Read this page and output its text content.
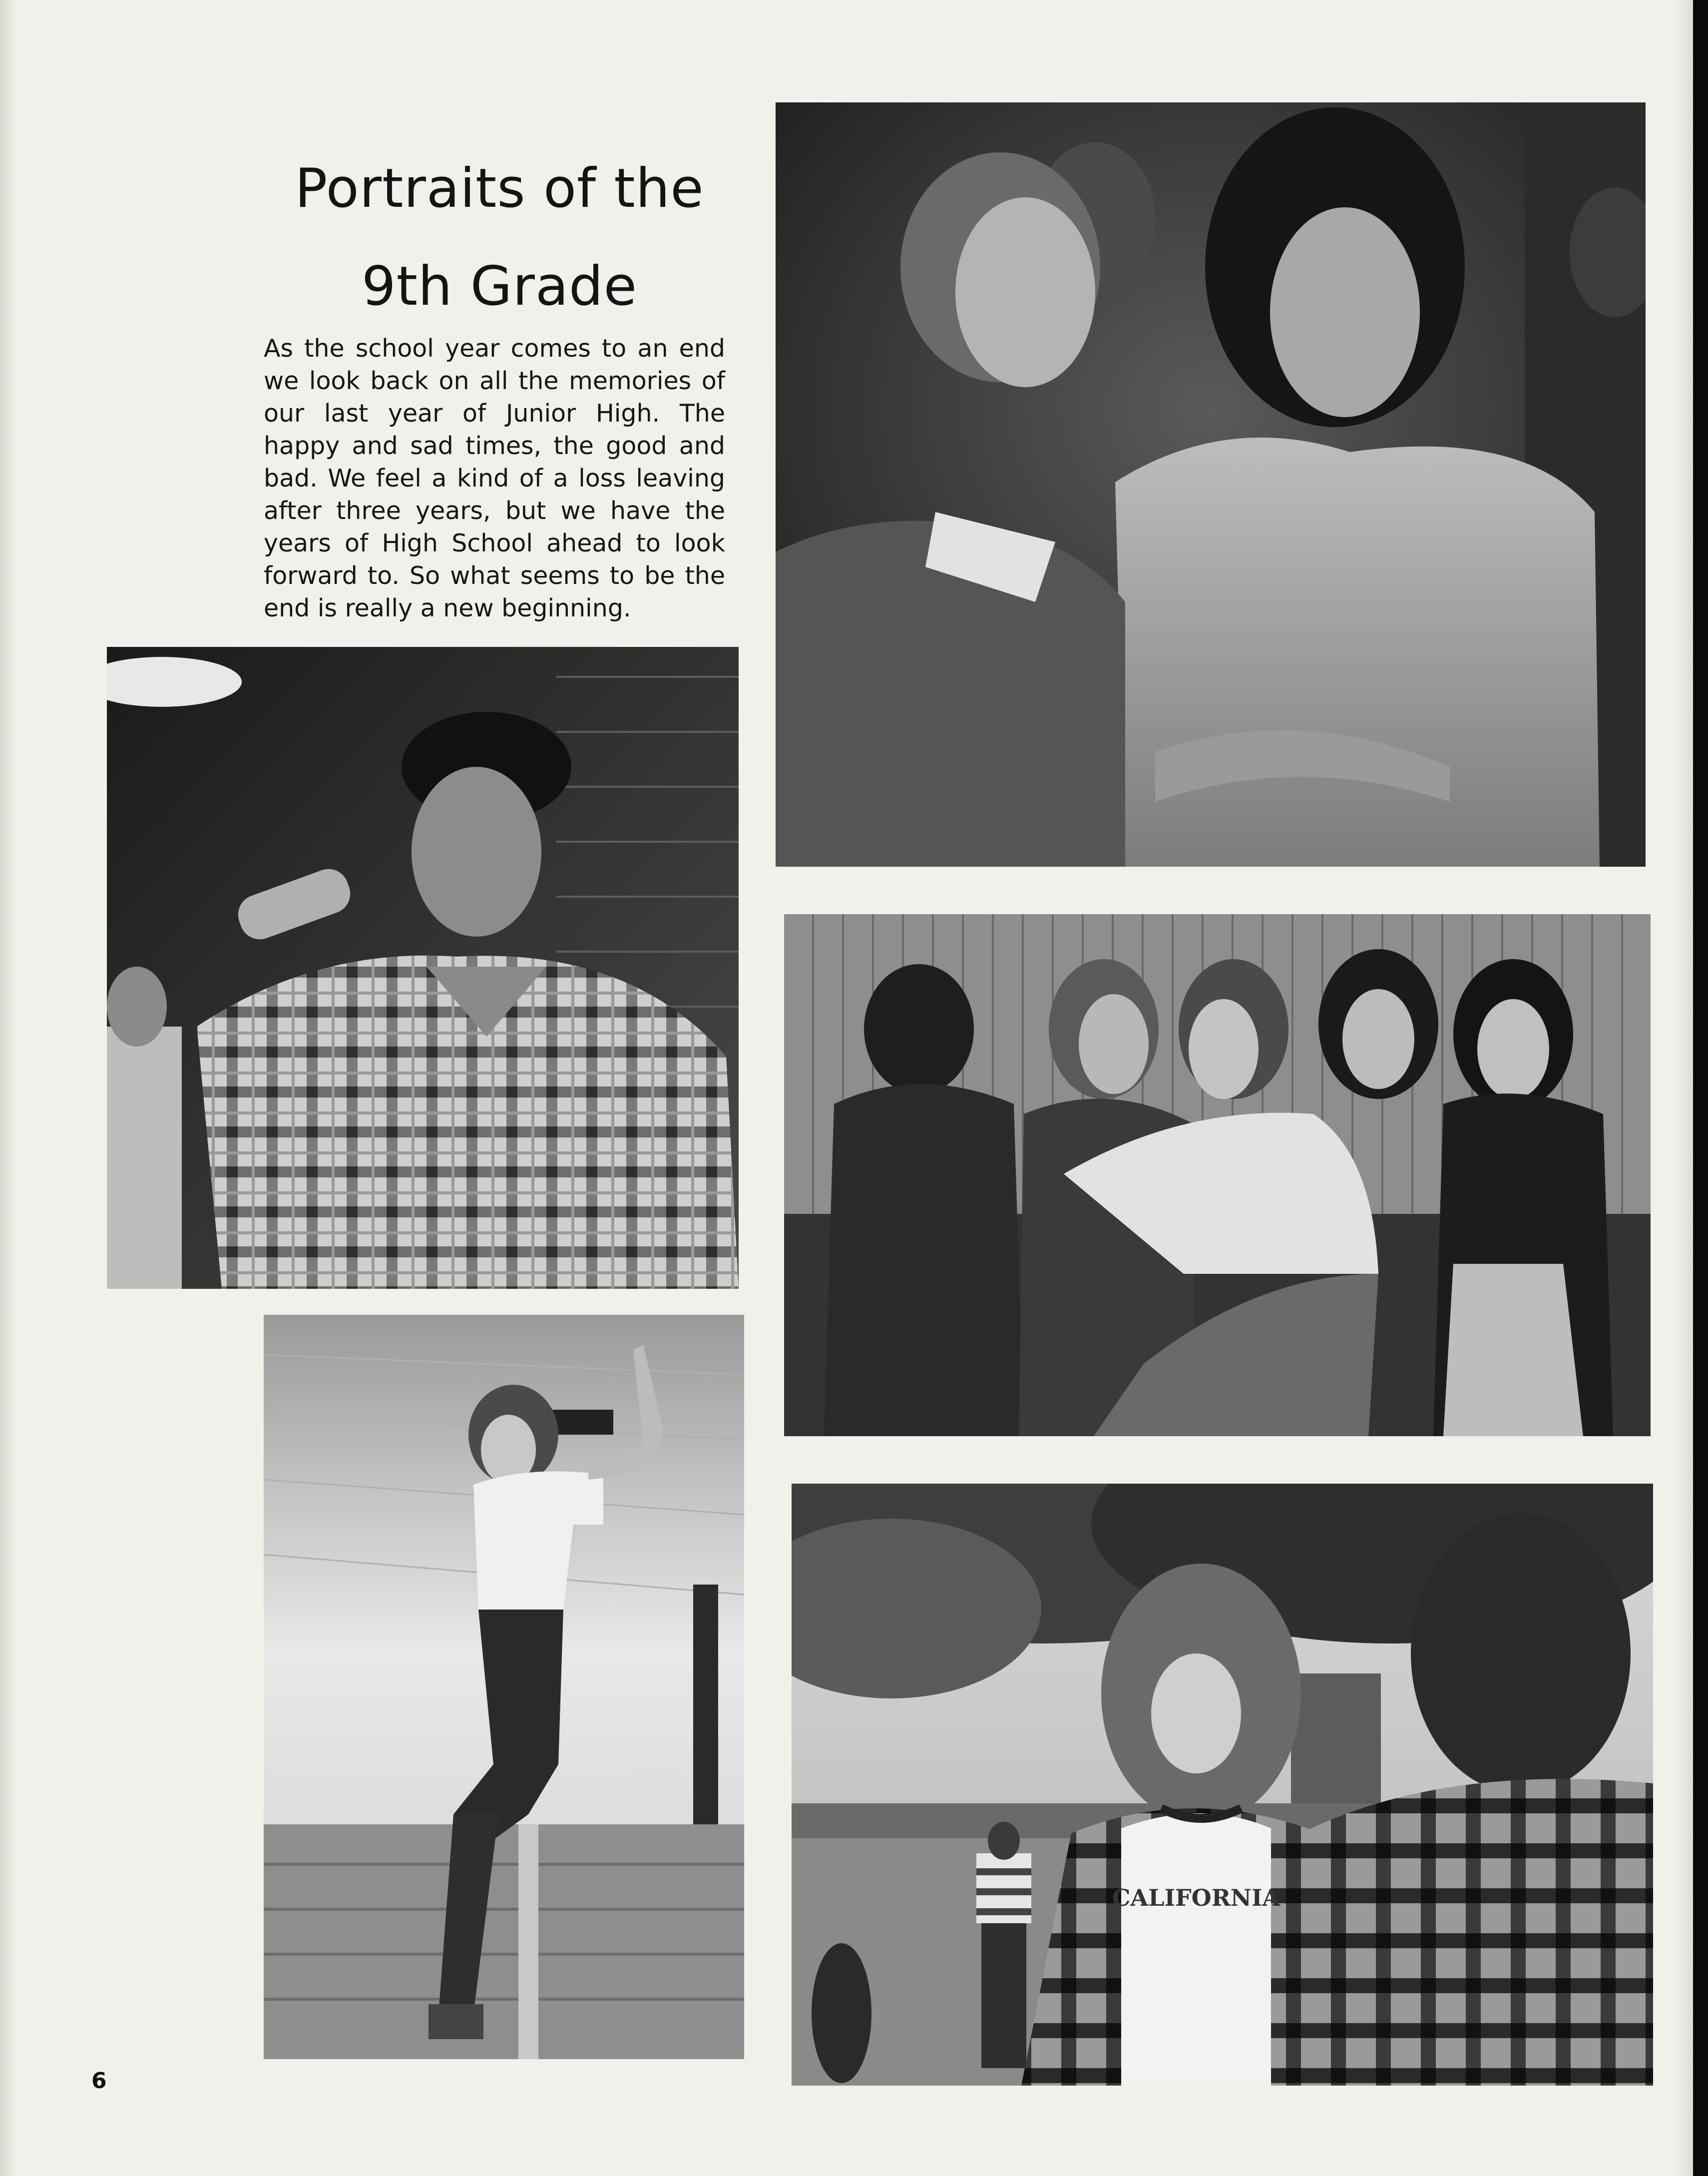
Portraits of the
9th Grade

As the school year comes to an end we look back on all the memories of our last year of Junior High. The happy and sad times, the good and bad. We feel a kind of a loss leaving after three years, but we have the years of High School ahead to look forward to. So what seems to be the end is really a new beginning.

CALIFORNIA
6
